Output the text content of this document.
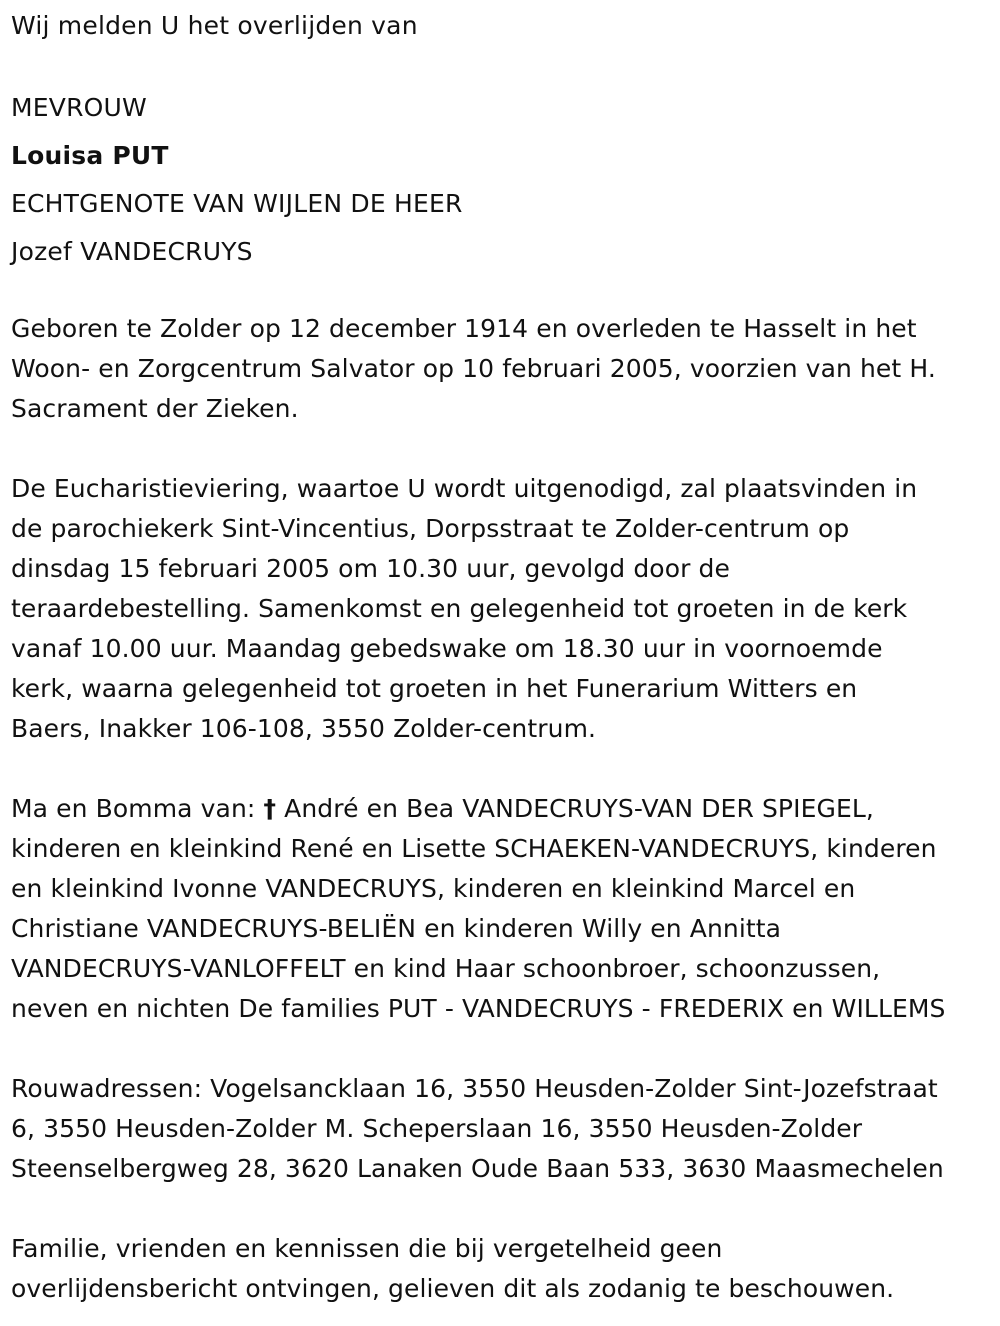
Wij melden U het overlijden van

MEVROUW
Louisa PUT
ECHTGENOTE VAN WIJLEN DE HEER
Jozef VANDECRUYS

Geboren te Zolder op 12 december 1914 en overleden te Hasselt in het
Woon- en Zorgcentrum Salvator op 10 februari 2005, voorzien van het H.
Sacrament der Zieken.

De Eucharistieviering, waartoe U wordt uitgenodigd, zal plaatsvinden in
de parochiekerk Sint-Vincentius, Dorpsstraat te Zolder-centrum op
dinsdag 15 februari 2005 om 10.30 uur, gevolgd door de
teraardebestelling. Samenkomst en gelegenheid tot groeten in de kerk
vanaf 10.00 uur. Maandag gebedswake om 18.30 uur in voornoemde
kerk, waarna gelegenheid tot groeten in het Funerarium Witters en
Baers, Inakker 106-108, 3550 Zolder-centrum.

Ma en Bomma van: † André en Bea VANDECRUYS-VAN DER SPIEGEL,
kinderen en kleinkind René en Lisette SCHAEKEN-VANDECRUYS, kinderen
en kleinkind Ivonne VANDECRUYS, kinderen en kleinkind Marcel en
Christiane VANDECRUYS-BELIËN en kinderen Willy en Annitta
VANDECRUYS-VANLOFFELT en kind Haar schoonbroer, schoonzussen,
neven en nichten De families PUT - VANDECRUYS - FREDERIX en WILLEMS

Rouwadressen: Vogelsancklaan 16, 3550 Heusden-Zolder Sint-Jozefstraat
6, 3550 Heusden-Zolder M. Scheperslaan 16, 3550 Heusden-Zolder
Steenselbergweg 28, 3620 Lanaken Oude Baan 533, 3630 Maasmechelen

Familie, vrienden en kennissen die bij vergetelheid geen
overlijdensbericht ontvingen, gelieven dit als zodanig te beschouwen.
